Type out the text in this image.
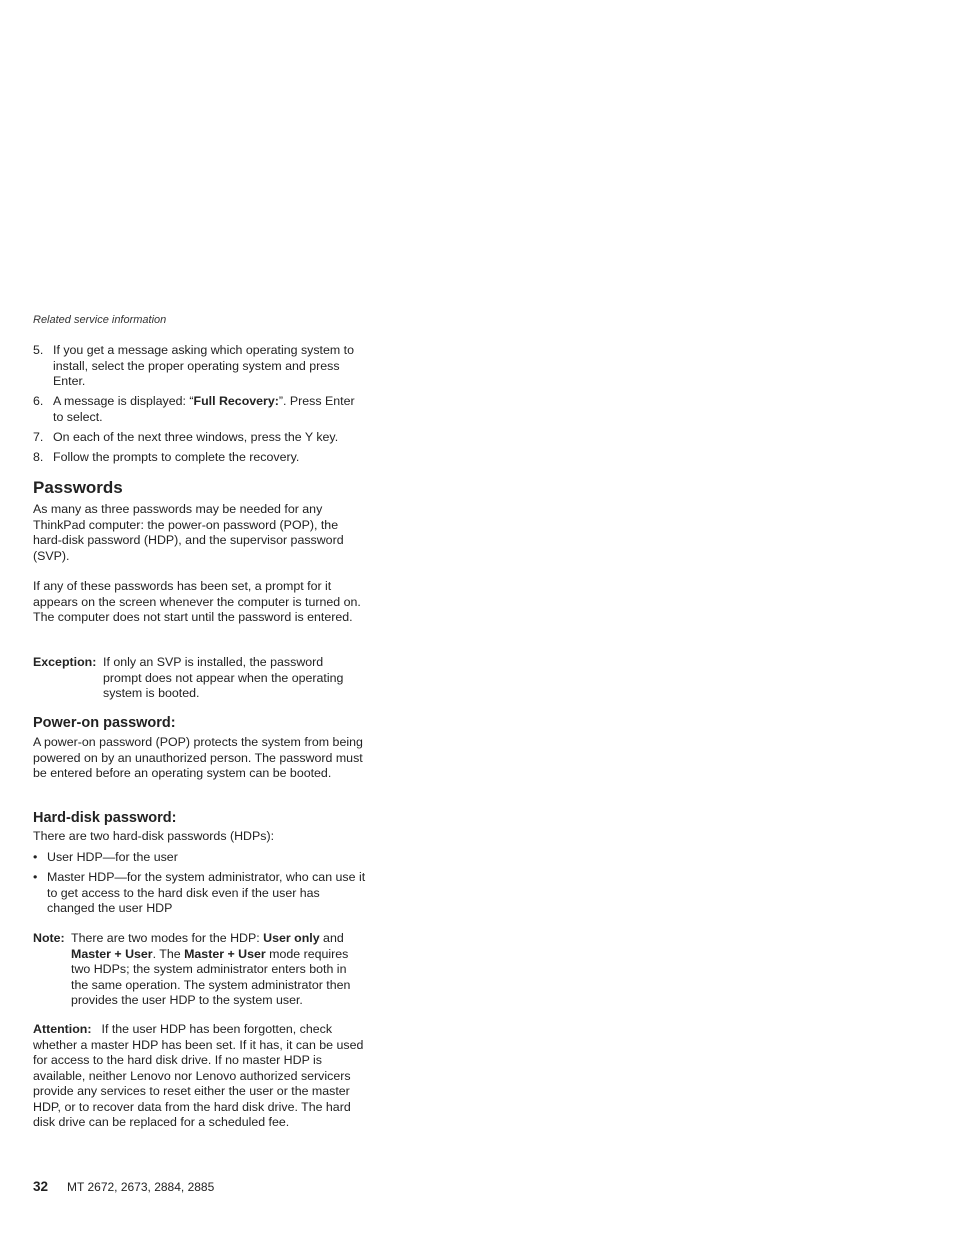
Related service information
5. If you get a message asking which operating system to install, select the proper operating system and press Enter.
6. A message is displayed: “Full Recovery:”. Press Enter to select.
7. On each of the next three windows, press the Y key.
8. Follow the prompts to complete the recovery.
Passwords

As many as three passwords may be needed for any ThinkPad computer: the power-on password (POP), the hard-disk password (HDP), and the supervisor password (SVP).

If any of these passwords has been set, a prompt for it appears on the screen whenever the computer is turned on. The computer does not start until the password is entered.

Exception: If only an SVP is installed, the password prompt does not appear when the operating system is booted.
Power-on password:

A power-on password (POP) protects the system from being powered on by an unauthorized person. The password must be entered before an operating system can be booted.

Hard-disk password:

There are two hard-disk passwords (HDPs):

• User HDP—for the user
• Master HDP—for the system administrator, who can use it to get access to the hard disk even if the user has changed the user HDP
Note: There are two modes for the HDP: User only and Master + User. The Master + User mode requires two HDPs; the system administrator enters both in the same operation. The system administrator then provides the user HDP to the system user.

Attention: If the user HDP has been forgotten, check whether a master HDP has been set. If it has, it can be used for access to the hard disk drive. If no master HDP is available, neither Lenovo nor Lenovo authorized servicers provide any services to reset either the user or the master HDP, or to recover data from the hard disk drive. The hard disk drive can be replaced for a scheduled fee.

32 MT 2672, 2673, 2884, 2885
